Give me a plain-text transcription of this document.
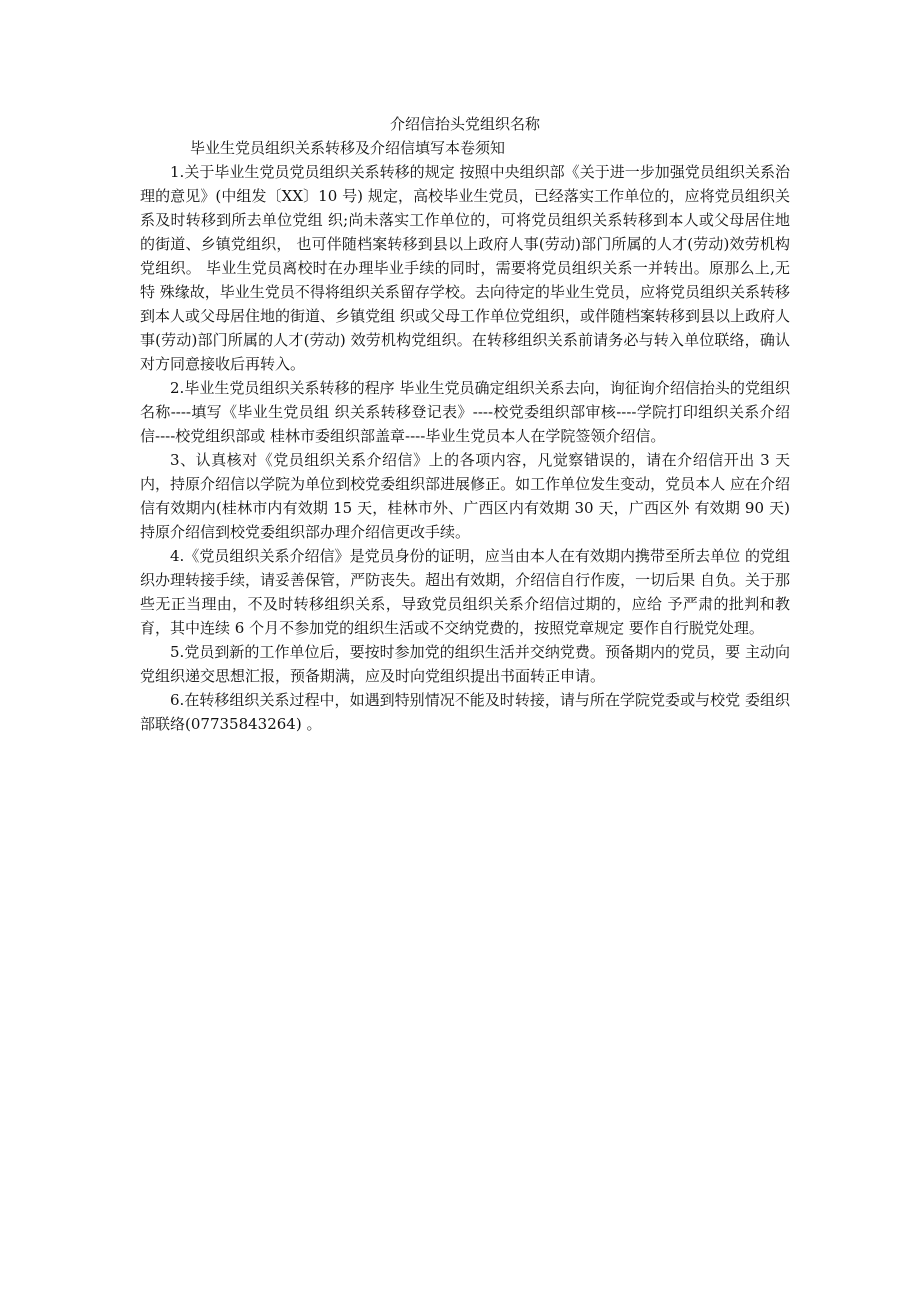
介绍信抬头党组织名称
毕业生党员组织关系转移及介绍信填写本卷须知

1.关于毕业生党员党员组织关系转移的规定 按照中央组织部《关于进一步加强党员组织关系治理的意见》(中组发〔XX〕10 号) 规定，高校毕业生党员，已经落实工作单位的，应将党员组织关系及时转移到所去单位党组 织;尚未落实工作单位的，可将党员组织关系转移到本人或父母居住地的街道、乡镇党组织， 也可伴随档案转移到县以上政府人事(劳动)部门所属的人才(劳动)效劳机构党组织。 毕业生党员离校时在办理毕业手续的同时，需要将党员组织关系一并转出。原那么上,无特 殊缘故，毕业生党员不得将组织关系留存学校。去向待定的毕业生党员，应将党员组织关系转移到本人或父母居住地的街道、乡镇党组 织或父母工作单位党组织，或伴随档案转移到县以上政府人事(劳动)部门所属的人才(劳动) 效劳机构党组织。在转移组织关系前请务必与转入单位联络，确认对方同意接收后再转入。

2.毕业生党员组织关系转移的程序 毕业生党员确定组织关系去向，询征询介绍信抬头的党组织名称----填写《毕业生党员组 织关系转移登记表》----校党委组织部审核----学院打印组织关系介绍信----校党组织部或 桂林市委组织部盖章----毕业生党员本人在学院签领介绍信。

3、认真核对《党员组织关系介绍信》上的各项内容，凡觉察错误的，请在介绍信开出 3 天内，持原介绍信以学院为单位到校党委组织部进展修正。如工作单位发生变动，党员本人 应在介绍信有效期内(桂林市内有效期 15 天，桂林市外、广西区内有效期 30 天，广西区外 有效期 90 天)持原介绍信到校党委组织部办理介绍信更改手续。

4.《党员组织关系介绍信》是党员身份的证明，应当由本人在有效期内携带至所去单位 的党组织办理转接手续，请妥善保管，严防丧失。超出有效期，介绍信自行作废，一切后果 自负。关于那些无正当理由，不及时转移组织关系，导致党员组织关系介绍信过期的，应给 予严肃的批判和教育，其中连续 6 个月不参加党的组织生活或不交纳党费的，按照党章规定 要作自行脱党处理。

5.党员到新的工作单位后，要按时参加党的组织生活并交纳党费。预备期内的党员，要 主动向党组织递交思想汇报，预备期满，应及时向党组织提出书面转正申请。

6.在转移组织关系过程中，如遇到特别情况不能及时转接，请与所在学院党委或与校党 委组织部联络(07735843264) 。
